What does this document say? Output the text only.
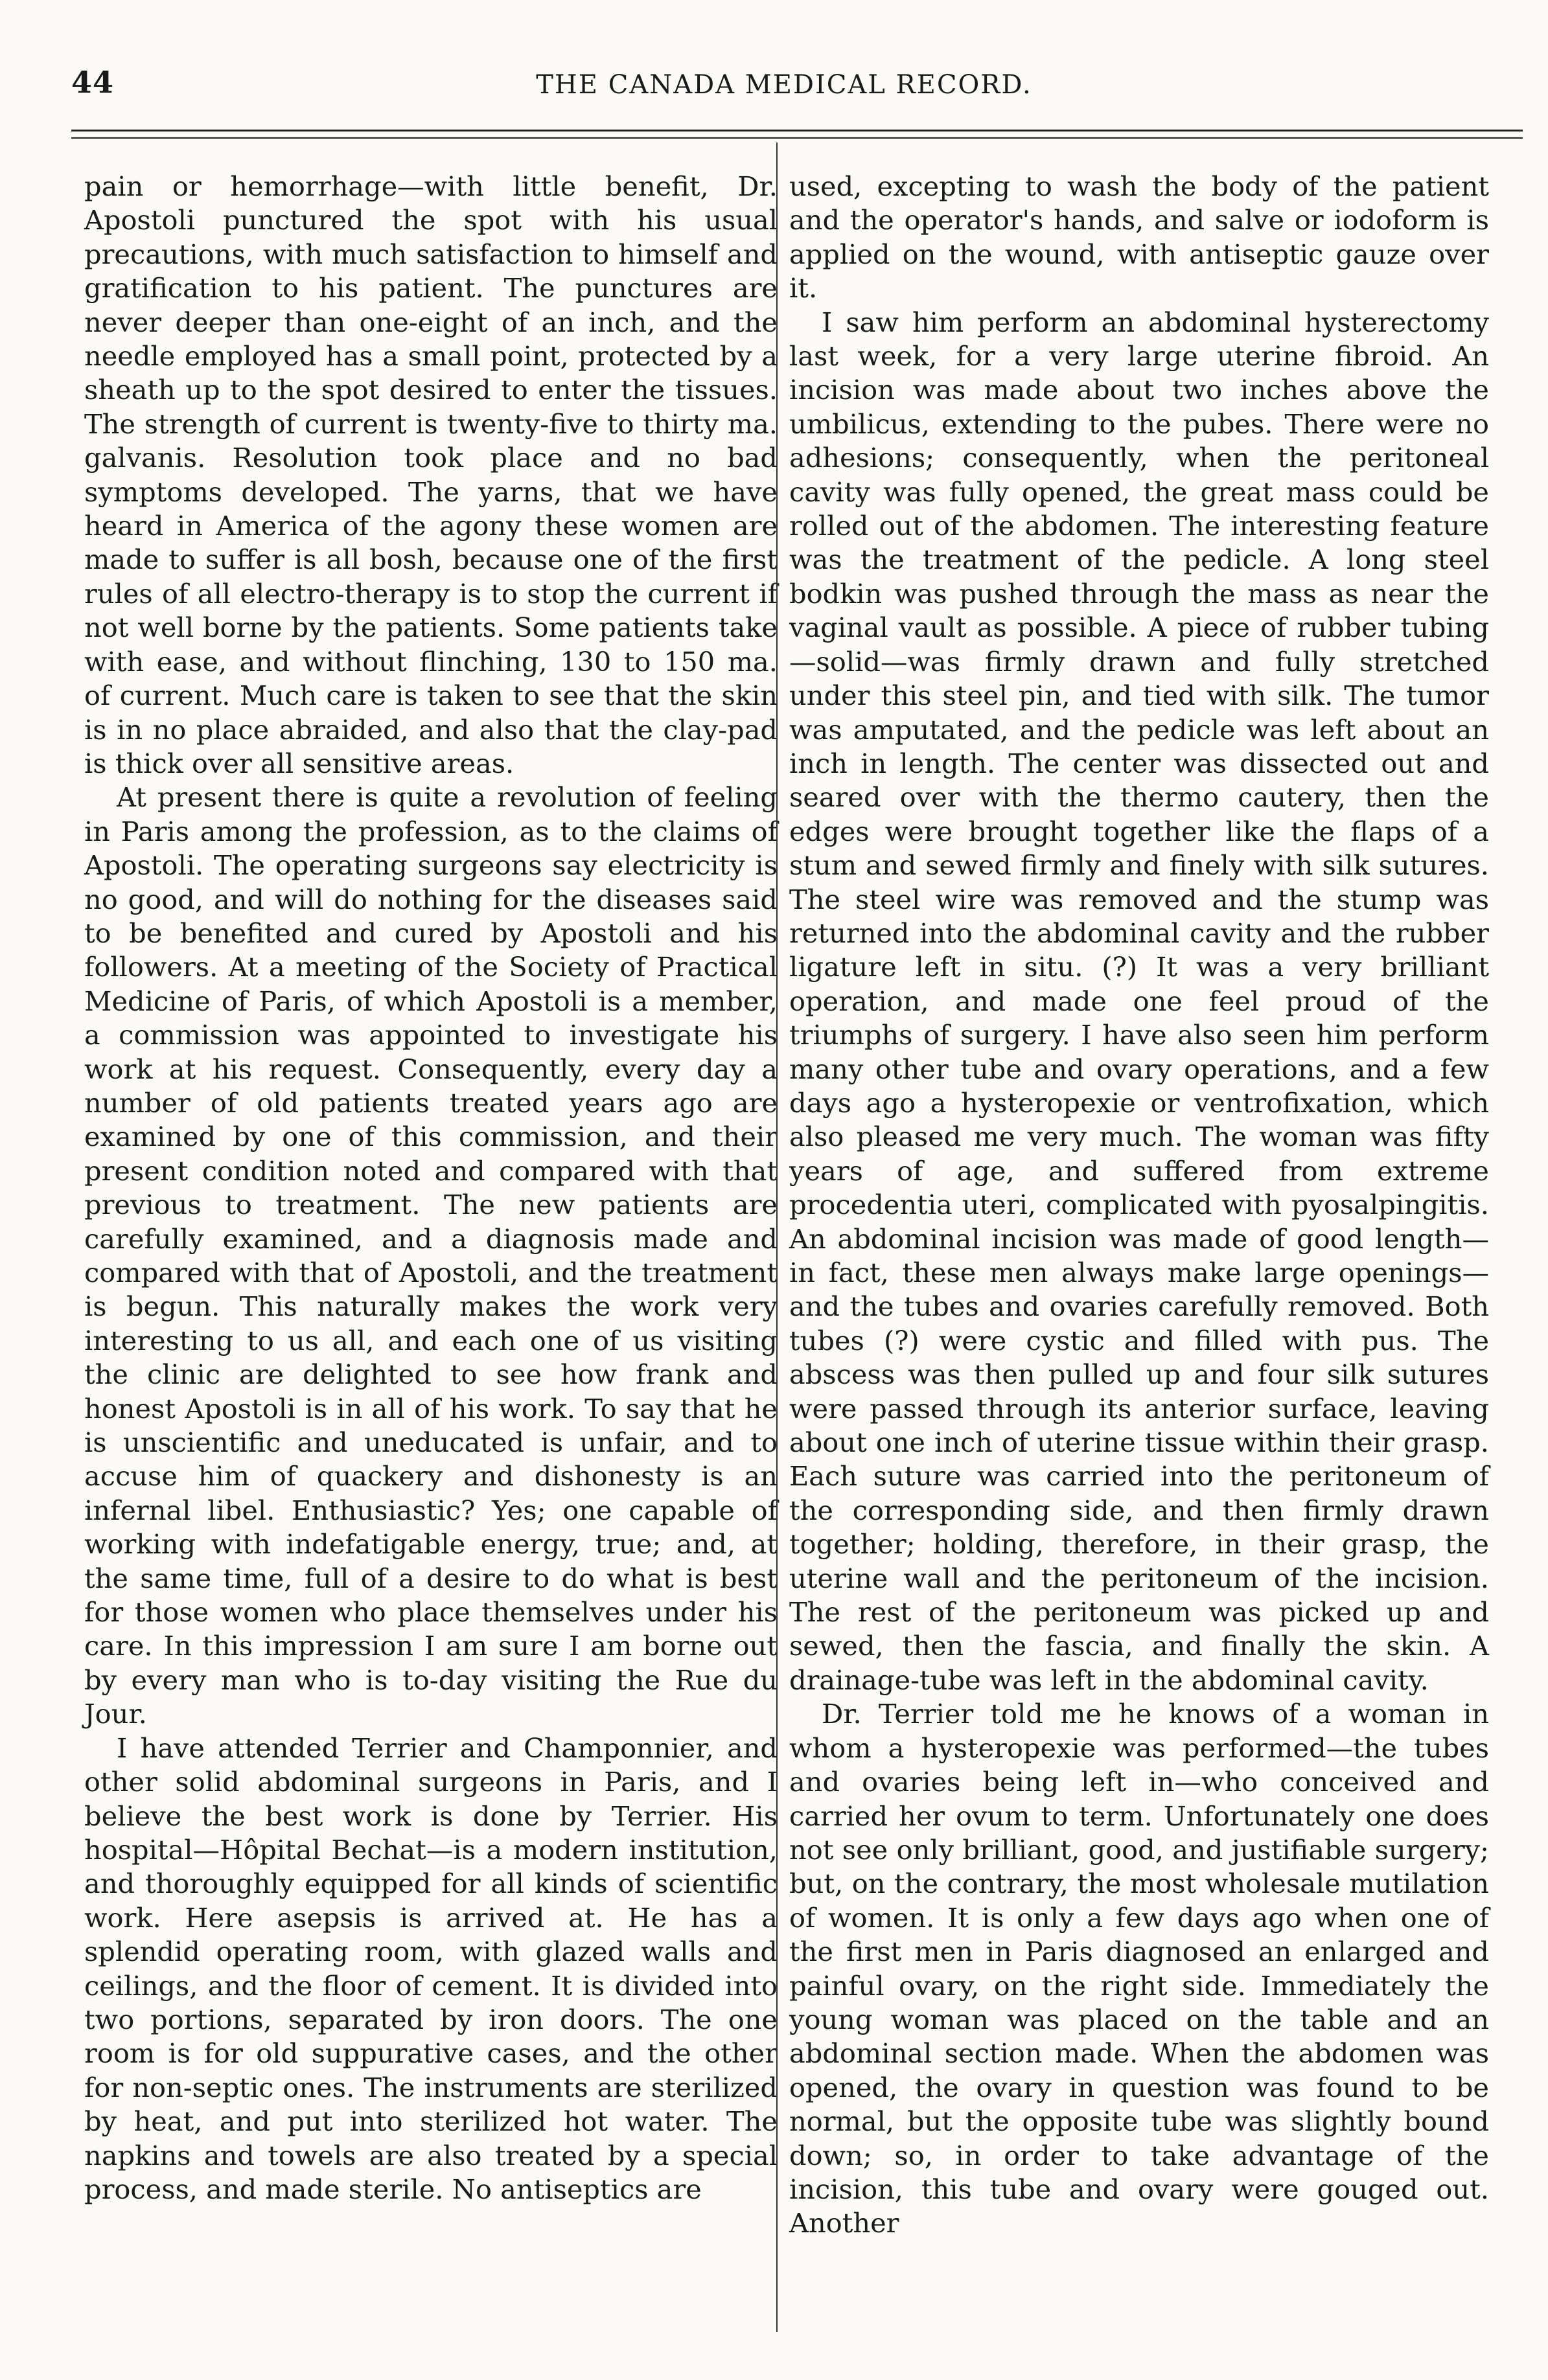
44	THE CANADA MEDICAL RECORD.

pain or hemorrhage—with little benefit, Dr. Apostoli punctured the spot with his usual precautions, with much satisfaction to himself and gratification to his patient. The punctures are never deeper than one-eight of an inch, and the needle employed has a small point, protected by a sheath up to the spot desired to enter the tissues. The strength of current is twenty-five to thirty ma. galvanis. Resolution took place and no bad symptoms developed. The yarns, that we have heard in America of the agony these women are made to suffer is all bosh, because one of the first rules of all electro-therapy is to stop the current if not well borne by the patients. Some patients take with ease, and without flinching, 130 to 150 ma. of current. Much care is taken to see that the skin is in no place abraided, and also that the clay-pad is thick over all sensitive areas.

At present there is quite a revolution of feeling in Paris among the profession, as to the claims of Apostoli. The operating surgeons say electricity is no good, and will do nothing for the diseases said to be benefited and cured by Apostoli and his followers. At a meeting of the Society of Practical Medicine of Paris, of which Apostoli is a member, a commission was appointed to investigate his work at his request. Consequently, every day a number of old patients treated years ago are examined by one of this commission, and their present condition noted and compared with that previous to treatment. The new patients are carefully examined, and a diagnosis made and compared with that of Apostoli, and the treatment is begun. This naturally makes the work very interesting to us all, and each one of us visiting the clinic are delighted to see how frank and honest Apostoli is in all of his work. To say that he is unscientific and uneducated is unfair, and to accuse him of quackery and dishonesty is an infernal libel. Enthusiastic? Yes; one capable of working with indefatigable energy, true; and, at the same time, full of a desire to do what is best for those women who place themselves under his care. In this impression I am sure I am borne out by every man who is to-day visiting the Rue du Jour.

I have attended Terrier and Champonnier, and other solid abdominal surgeons in Paris, and I believe the best work is done by Terrier. His hospital—Hôpital Bechat—is a modern institution, and thoroughly equipped for all kinds of scientific work. Here asepsis is arrived at. He has a splendid operating room, with glazed walls and ceilings, and the floor of cement. It is divided into two portions, separated by iron doors. The one room is for old suppurative cases, and the other for non-septic ones. The instruments are sterilized by heat, and put into sterilized hot water. The napkins and towels are also treated by a special process, and made sterile. No antiseptics are

used, excepting to wash the body of the patient and the operator's hands, and salve or iodoform is applied on the wound, with antiseptic gauze over it.

I saw him perform an abdominal hysterectomy last week, for a very large uterine fibroid. An incision was made about two inches above the umbilicus, extending to the pubes. There were no adhesions; consequently, when the peritoneal cavity was fully opened, the great mass could be rolled out of the abdomen. The interesting feature was the treatment of the pedicle. A long steel bodkin was pushed through the mass as near the vaginal vault as possible. A piece of rubber tubing—solid—was firmly drawn and fully stretched under this steel pin, and tied with silk. The tumor was amputated, and the pedicle was left about an inch in length. The center was dissected out and seared over with the thermo cautery, then the edges were brought together like the flaps of a stum and sewed firmly and finely with silk sutures. The steel wire was removed and the stump was returned into the abdominal cavity and the rubber ligature left in situ. (?) It was a very brilliant operation, and made one feel proud of the triumphs of surgery. I have also seen him perform many other tube and ovary operations, and a few days ago a hysteropexie or ventrofixation, which also pleased me very much. The woman was fifty years of age, and suffered from extreme procedentia uteri, complicated with pyosalpingitis. An abdominal incision was made of good length—in fact, these men always make large openings—and the tubes and ovaries carefully removed. Both tubes (?) were cystic and filled with pus. The abscess was then pulled up and four silk sutures were passed through its anterior surface, leaving about one inch of uterine tissue within their grasp. Each suture was carried into the peritoneum of the corresponding side, and then firmly drawn together; holding, therefore, in their grasp, the uterine wall and the peritoneum of the incision. The rest of the peritoneum was picked up and sewed, then the fascia, and finally the skin. A drainage-tube was left in the abdominal cavity.

Dr. Terrier told me he knows of a woman in whom a hysteropexie was performed—the tubes and ovaries being left in—who conceived and carried her ovum to term. Unfortunately one does not see only brilliant, good, and justifiable surgery; but, on the contrary, the most wholesale mutilation of women. It is only a few days ago when one of the first men in Paris diagnosed an enlarged and painful ovary, on the right side. Immediately the young woman was placed on the table and an abdominal section made. When the abdomen was opened, the ovary in question was found to be normal, but the opposite tube was slightly bound down; so, in order to take advantage of the incision, this tube and ovary were gouged out. Another
